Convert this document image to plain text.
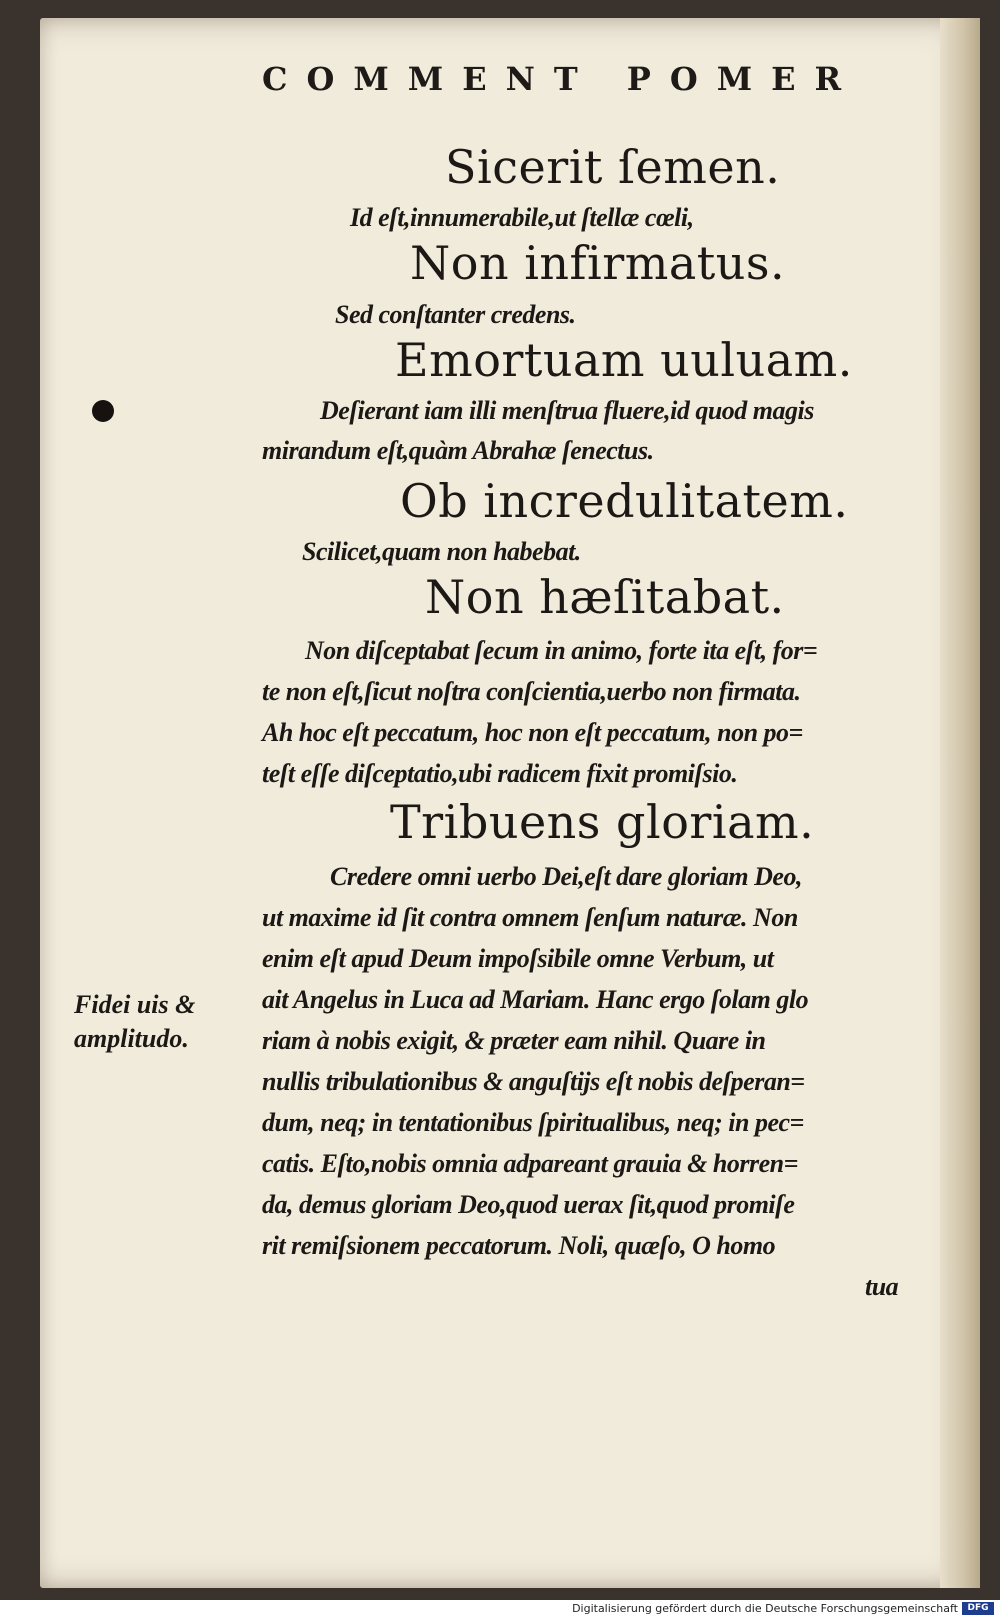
COMMENT POMER
Sicerit ſemen.
Id eſt,innumerabile,ut ſtellæ cœli,
Non infirmatus.
Sed conſtanter credens.
Emortuam uuluam.
Deſierant iam illi menſtrua fluere,id quod magis
mirandum eſt,quàm Abrahæ ſenectus.
Ob incredulitatem.
Scilicet,quam non habebat.
Non hæſitabat.
Non diſceptabat ſecum in animo, forte ita eſt, for=
te non eſt,ſicut noſtra conſcientia,uerbo non firmata.
Ah hoc eſt peccatum, hoc non eſt peccatum, non po=
teſt eſſe diſceptatio,ubi radicem fixit promiſsio.
Tribuens gloriam.
Credere omni uerbo Dei,eſt dare gloriam Deo,
ut maxime id ſit contra omnem ſenſum naturæ. Non
enim eſt apud Deum impoſsibile omne Verbum, ut
ait Angelus in Luca ad Mariam. Hanc ergo ſolam glo
riam à nobis exigit, & præter eam nihil. Quare in
nullis tribulationibus & anguſtijs eſt nobis deſperan=
dum, neq; in tentationibus ſpiritualibus, neq; in pec=
catis. Eſto,nobis omnia adpareant grauia & horren=
da, demus gloriam Deo,quod uerax ſit,quod promiſe
rit remiſsionem peccatorum. Noli, quæſo, O homo
tua
Fidei uis &
amplitudo.
Digitalisierung gefördert durch die Deutsche Forschungsgemeinschaft	DFG
